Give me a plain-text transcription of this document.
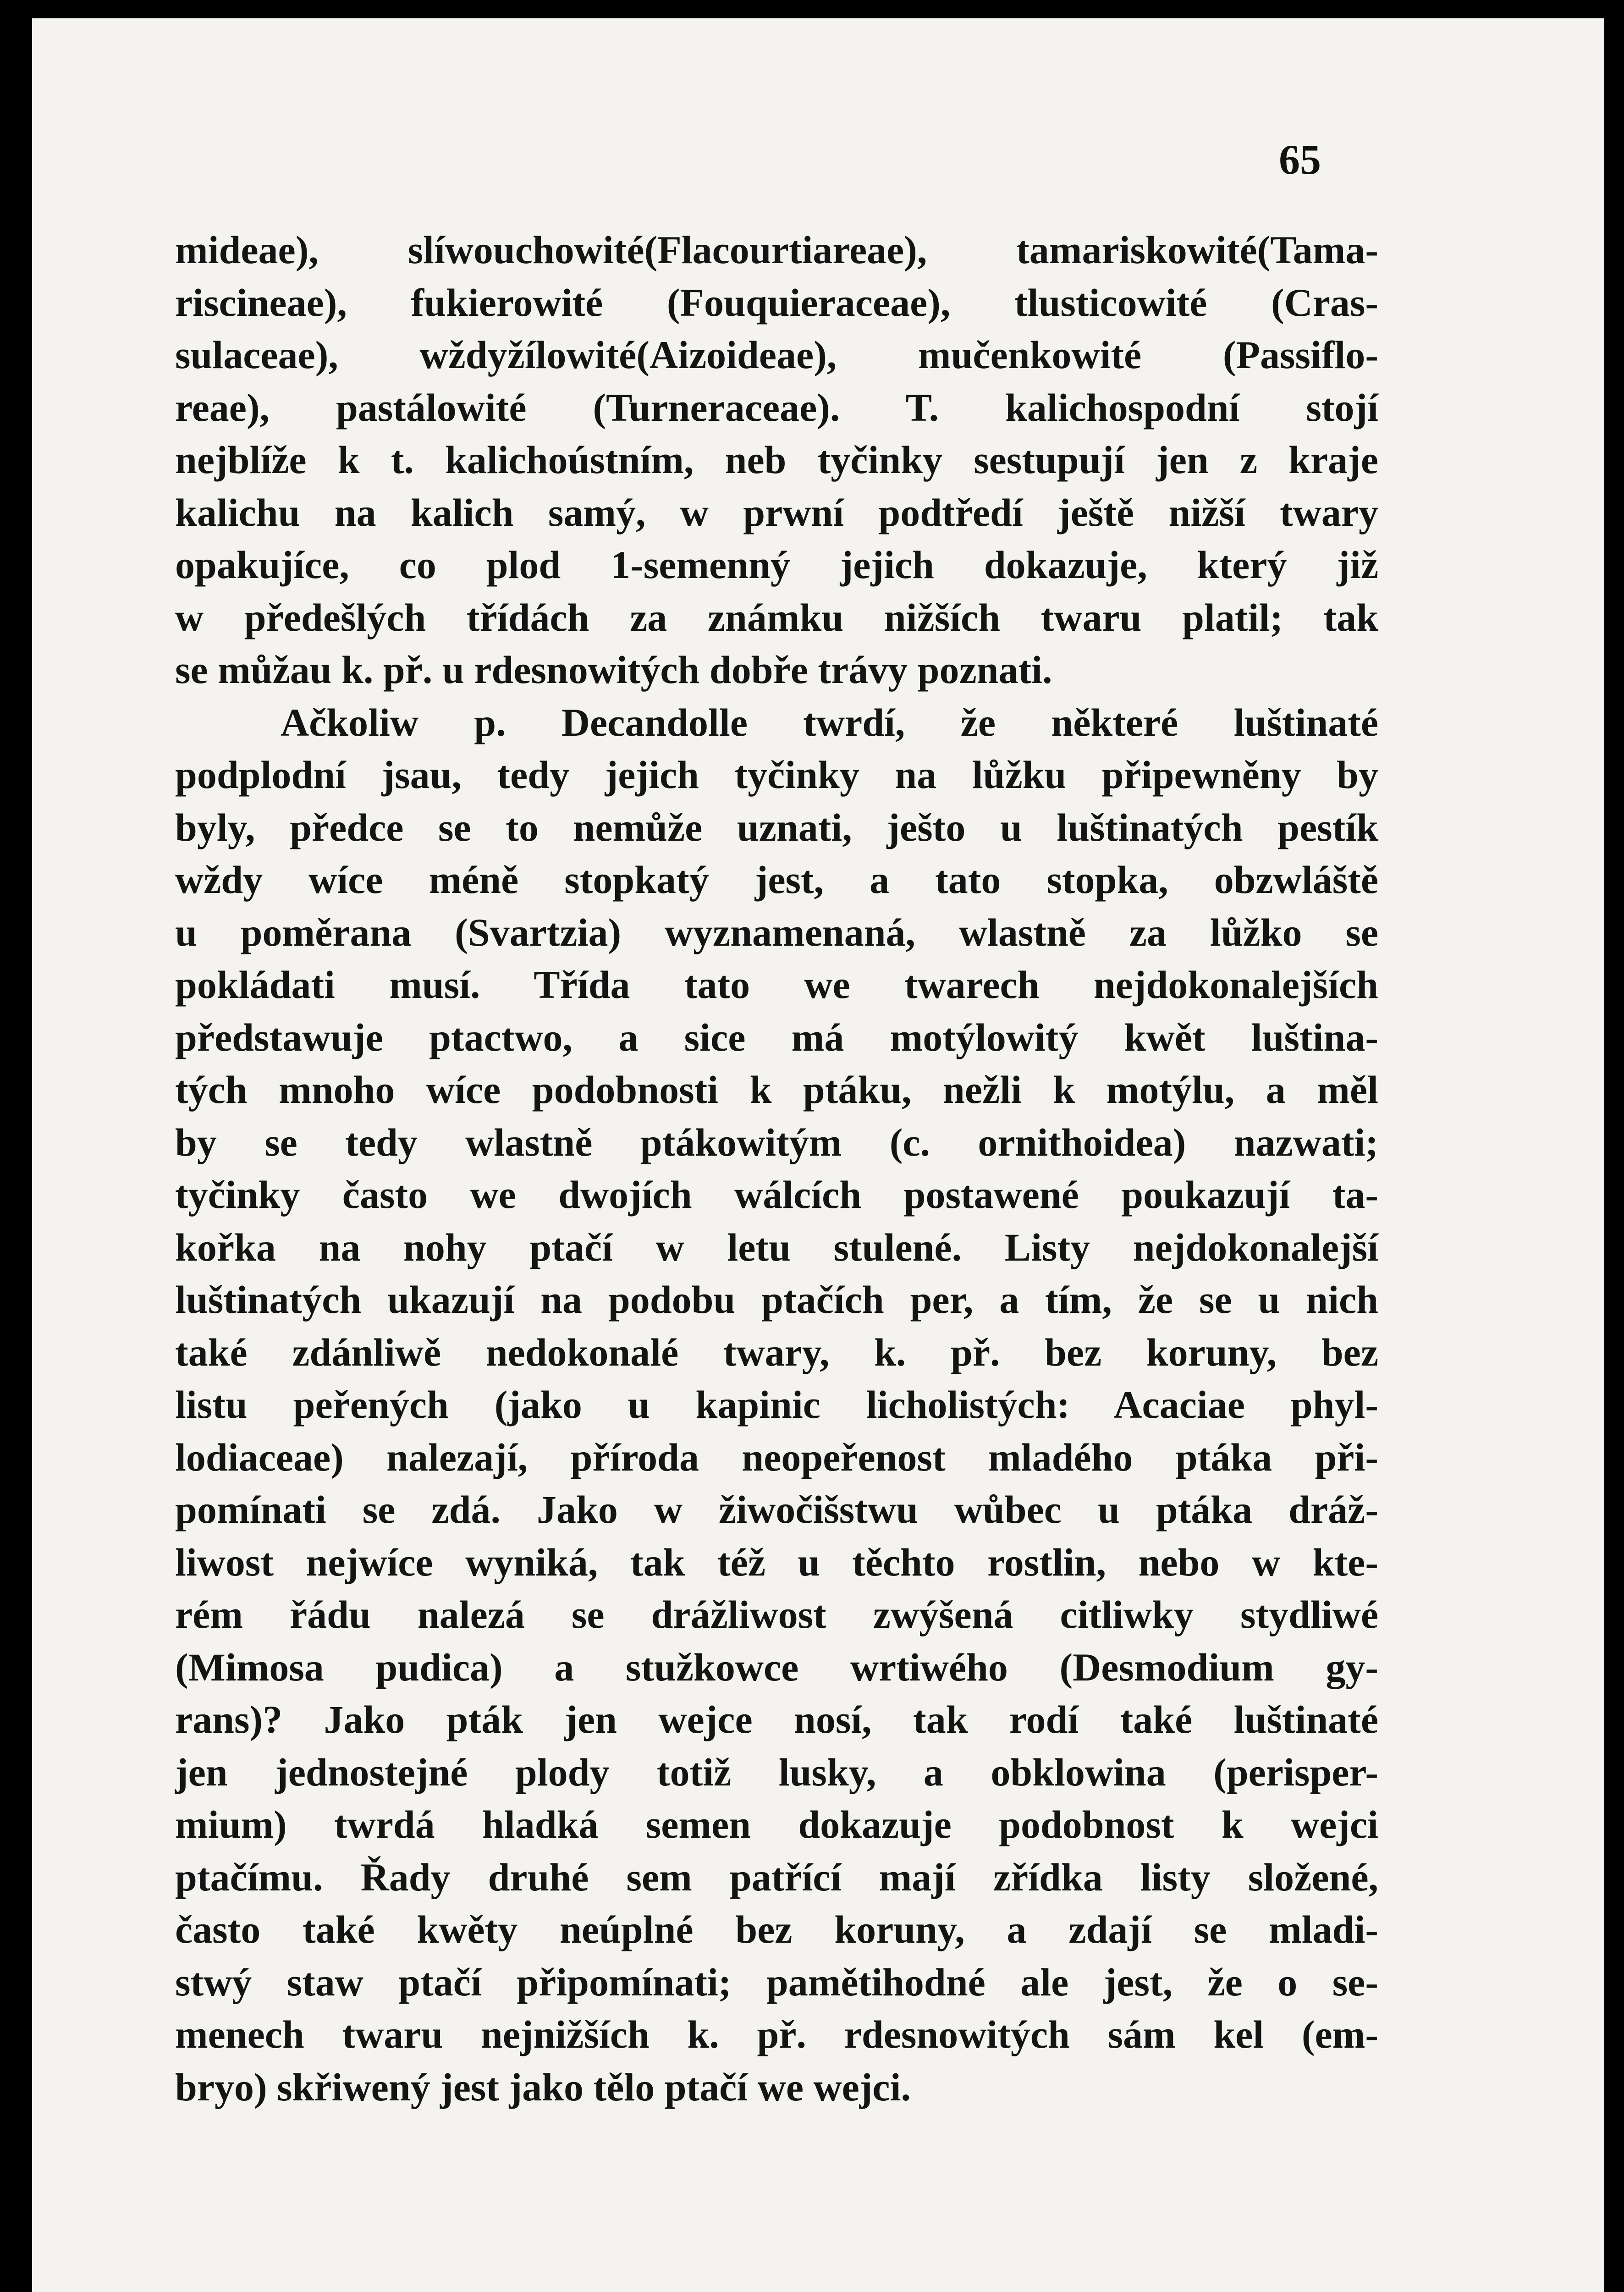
65

mideae), slíwouchowité(Flacourtiareae), tamariskowité(Tama-
riscineae), fukierowité (Fouquieraceae), tlusticowité (Cras-
sulaceae), wždyžílowité(Aizoideae), mučenkowité (Passiflo-
reae), pastálowité (Turneraceae). T. kalichospodní stojí
nejblíže k t. kalichoústním, neb tyčinky sestupují jen z kraje
kalichu na kalich samý, w prwní podtředí ještě nižší twary
opakujíce, co plod 1-semenný jejich dokazuje, který již
w předešlých třídách za známku nižších twaru platil; tak
se můžau k. př. u rdesnowitých dobře trávy poznati.
Ačkoliw p. Decandolle twrdí, že některé luštinaté
podplodní jsau, tedy jejich tyčinky na lůžku připewněny by
byly, předce se to nemůže uznati, ješto u luštinatých pestík
wždy wíce méně stopkatý jest, a tato stopka, obzwláště
u poměrana (Svartzia) wyznamenaná, wlastně za lůžko se
pokládati musí. Třída tato we twarech nejdokonalejších
předstawuje ptactwo, a sice má motýlowitý kwět luština-
tých mnoho wíce podobnosti k ptáku, nežli k motýlu, a měl
by se tedy wlastně ptákowitým (c. ornithoidea) nazwati;
tyčinky často we dwojích wálcích postawené poukazují ta-
kořka na nohy ptačí w letu stulené. Listy nejdokonalejší
luštinatých ukazují na podobu ptačích per, a tím, že se u nich
také zdánliwě nedokonalé twary, k. př. bez koruny, bez
listu peřených (jako u kapinic licholistých: Acaciae phyl-
lodiaceae) nalezají, příroda neopeřenost mladého ptáka při-
pomínati se zdá. Jako w žiwočišstwu wůbec u ptáka dráž-
liwost nejwíce wyniká, tak též u těchto rostlin, nebo w kte-
rém řádu nalezá se drážliwost zwýšená citliwky stydliwé
(Mimosa pudica) a stužkowce wrtiwého (Desmodium gy-
rans)? Jako pták jen wejce nosí, tak rodí také luštinaté
jen jednostejné plody totiž lusky, a obklowina (perisper-
mium) twrdá hladká semen dokazuje podobnost k wejci
ptačímu. Řady druhé sem patřící mají zřídka listy složené,
často také kwěty neúplné bez koruny, a zdají se mladi-
stwý staw ptačí připomínati; pamětihodné ale jest, že o se-
menech twaru nejnižších k. př. rdesnowitých sám kel (em-
bryo) skřiwený jest jako tělo ptačí we wejci.
